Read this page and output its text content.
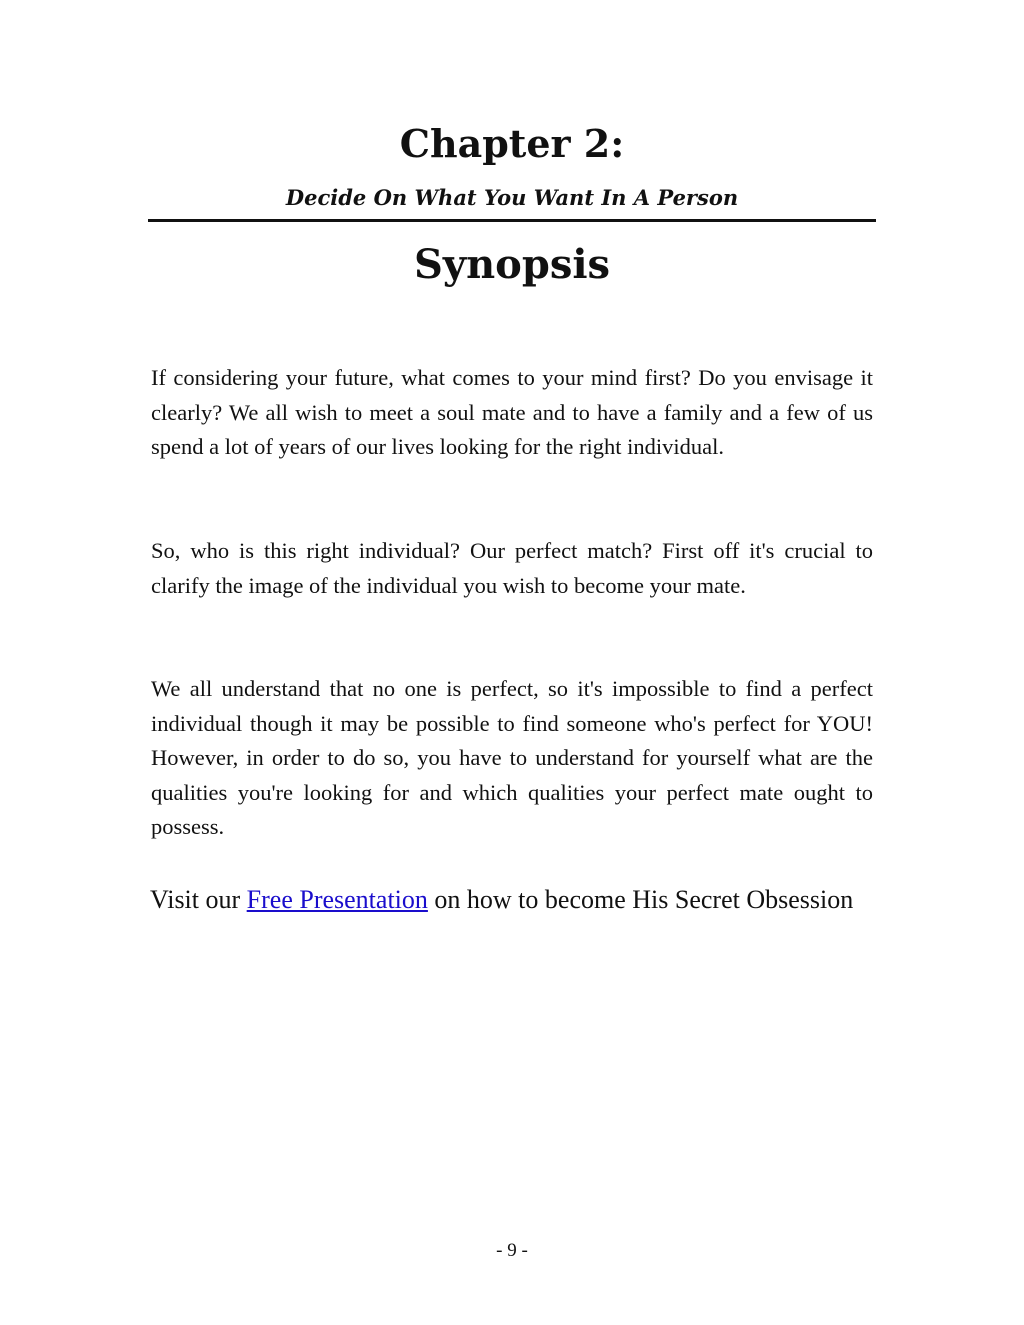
Chapter 2:
Decide On What You Want In A Person
Synopsis

If considering your future, what comes to your mind first? Do you envisage it clearly? We all wish to meet a soul mate and to have a family and a few of us spend a lot of years of our lives looking for the right individual.

So, who is this right individual? Our perfect match? First off it's crucial to clarify the image of the individual you wish to become your mate.

We all understand that no one is perfect, so it's impossible to find a perfect individual though it may be possible to find someone who's perfect for YOU! However, in order to do so, you have to understand for yourself what are the qualities you're looking for and which qualities your perfect mate ought to possess.

Visit our Free Presentation on how to become His Secret Obsession

- 9 -
